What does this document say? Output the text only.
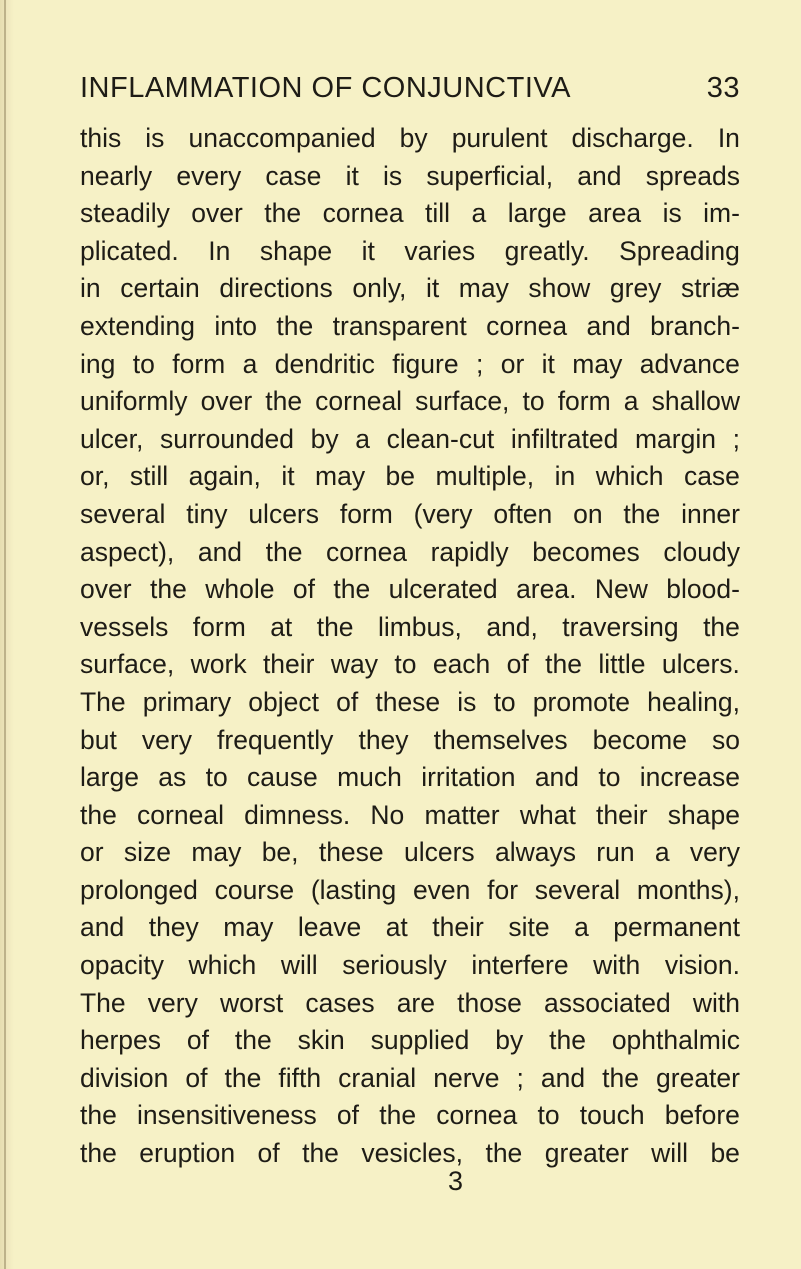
INFLAMMATION OF CONJUNCTIVA	33
this is unaccompanied by purulent discharge. In
nearly every case it is superficial, and spreads
steadily over the cornea till a large area is im-
plicated. In shape it varies greatly. Spreading
in certain directions only, it may show grey striæ
extending into the transparent cornea and branch-
ing to form a dendritic figure ; or it may advance
uniformly over the corneal surface, to form a shallow
ulcer, surrounded by a clean-cut infiltrated margin ;
or, still again, it may be multiple, in which case
several tiny ulcers form (very often on the inner
aspect), and the cornea rapidly becomes cloudy
over the whole of the ulcerated area. New blood-
vessels form at the limbus, and, traversing the
surface, work their way to each of the little ulcers.
The primary object of these is to promote healing,
but very frequently they themselves become so
large as to cause much irritation and to increase
the corneal dimness. No matter what their shape
or size may be, these ulcers always run a very
prolonged course (lasting even for several months),
and they may leave at their site a permanent
opacity which will seriously interfere with vision.
The very worst cases are those associated with
herpes of the skin supplied by the ophthalmic
division of the fifth cranial nerve ; and the greater
the insensitiveness of the cornea to touch before
the eruption of the vesicles, the greater will be
3
